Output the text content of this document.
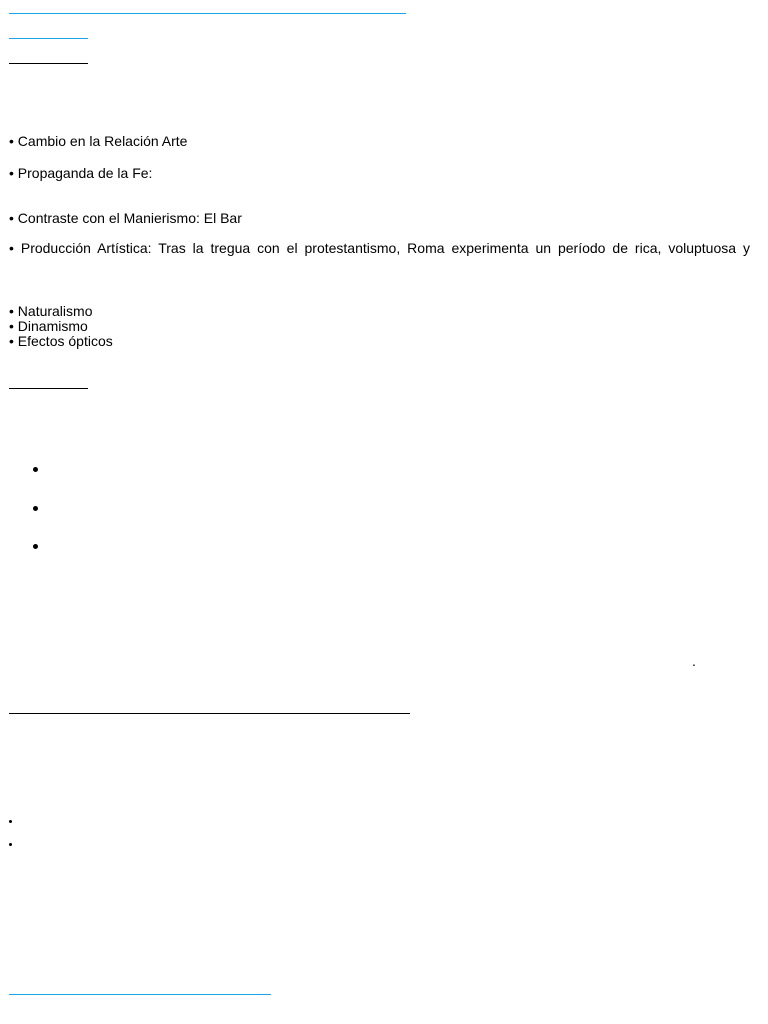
• Cambio en la Relación Arte
• Propaganda de la Fe:
• Contraste con el Manierismo: El Bar
• Producción Artística: Tras la tregua con el protestantismo, Roma experimenta un período de rica, voluptuosa y
• Naturalismo
• Dinamismo
• Efectos ópticos
.
